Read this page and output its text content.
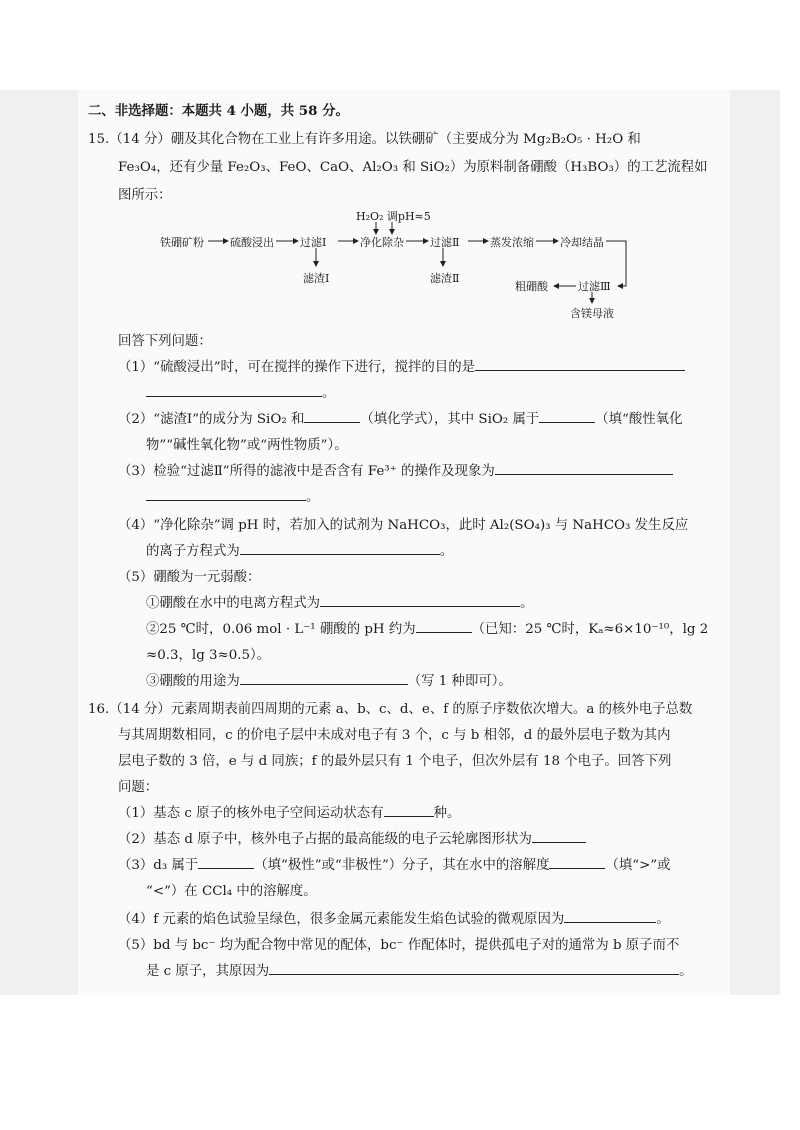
二、非选择题：本题共 4 小题，共 58 分。
15.（14 分）硼及其化合物在工业上有许多用途。以铁硼矿（主要成分为 Mg₂B₂O₅ · H₂O 和
Fe₃O₄，还有少量 Fe₂O₃、FeO、CaO、Al₂O₃ 和 SiO₂）为原料制备硼酸（H₃BO₃）的工艺流程如
图所示：
H₂O₂ 调pH≈5
铁硼矿粉 硫酸浸出 过滤Ⅰ	净化除杂 过滤Ⅱ	蒸发浓缩 冷却结晶
滤渣Ⅰ	滤渣Ⅱ
粗硼酸	过滤Ⅲ
含镁母液
回答下列问题：
（1）“硫酸浸出”时，可在搅拌的操作下进行，搅拌的目的是
。
（2）“滤渣Ⅰ”的成分为 SiO₂ 和	（填化学式），其中 SiO₂ 属于	（填“酸性氧化
物”“碱性氧化物”或“两性物质”）。
（3）检验“过滤Ⅱ”所得的滤液中是否含有 Fe³⁺ 的操作及现象为
。
（4）“净化除杂”调 pH 时，若加入的试剂为 NaHCO₃，此时 Al₂(SO₄)₃ 与 NaHCO₃ 发生反应
的离子方程式为	。
（5）硼酸为一元弱酸：
①硼酸在水中的电离方程式为	。
②25 ℃时，0.06 mol · L⁻¹ 硼酸的 pH 约为	（已知：25 ℃时，Kₐ≈6×10⁻¹⁰，lg 2
≈0.3，lg 3≈0.5）。
③硼酸的用途为	（写 1 种即可）。
16.（14 分）元素周期表前四周期的元素 a、b、c、d、e、f 的原子序数依次增大。a 的核外电子总数
与其周期数相同，c 的价电子层中未成对电子有 3 个，c 与 b 相邻，d 的最外层电子数为其内
层电子数的 3 倍，e 与 d 同族；f 的最外层只有 1 个电子，但次外层有 18 个电子。回答下列
问题：
（1）基态 c 原子的核外电子空间运动状态有	种。
（2）基态 d 原子中，核外电子占据的最高能级的电子云轮廓图形状为
（3）d₃ 属于	（填“极性”或“非极性”）分子，其在水中的溶解度	（填“>”或
“<”）在 CCl₄ 中的溶解度。
（4）f 元素的焰色试验呈绿色，很多金属元素能发生焰色试验的微观原因为	。
（5）bd 与 bc⁻ 均为配合物中常见的配体，bc⁻ 作配体时，提供孤电子对的通常为 b 原子而不
是 c 原子，其原因为	。
